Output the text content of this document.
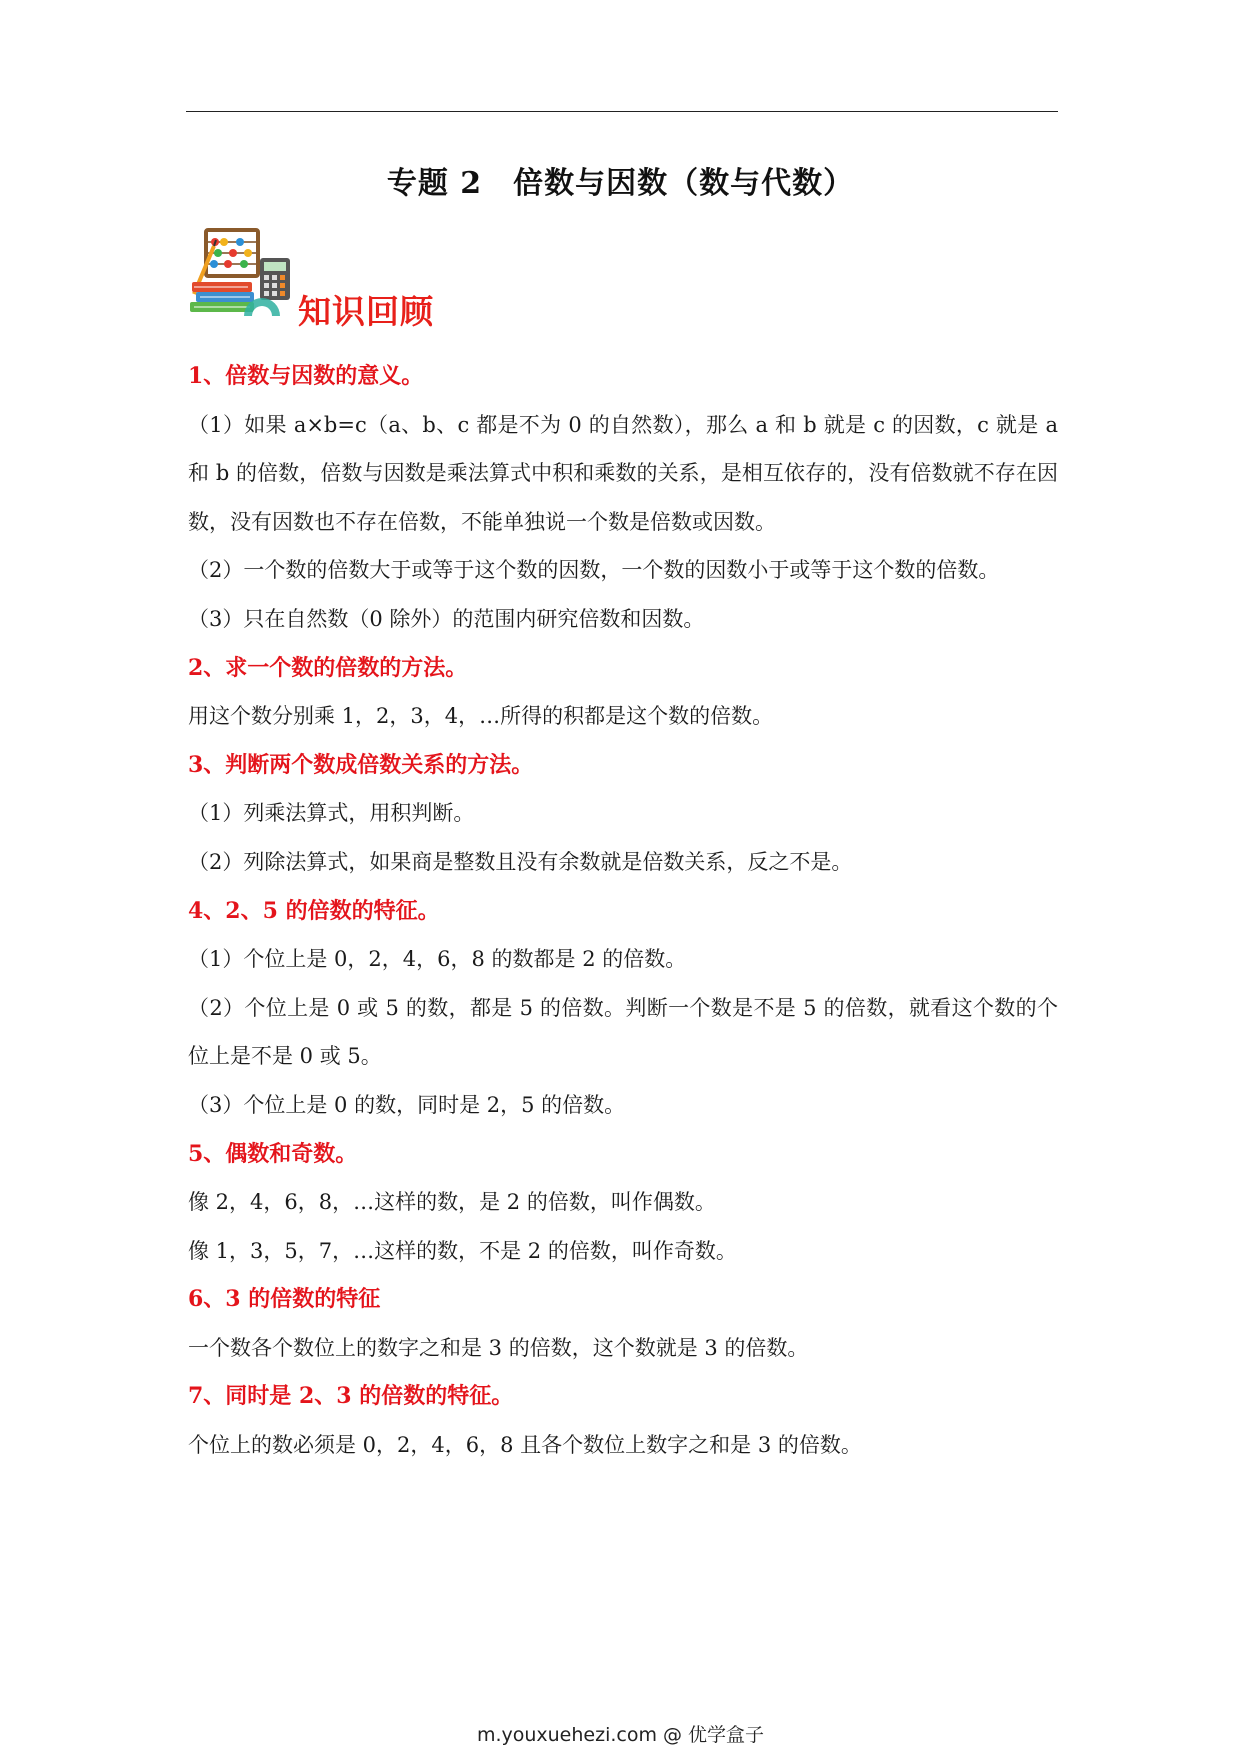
专题 2　倍数与因数（数与代数）
知识回顾
1、倍数与因数的意义。
（1）如果 a×b=c（a、b、c 都是不为 0 的自然数），那么 a 和 b 就是 c 的因数，c 就是 a 和 b 的倍数，倍数与因数是乘法算式中积和乘数的关系，是相互依存的，没有倍数就不存在因数，没有因数也不存在倍数，不能单独说一个数是倍数或因数。
（2）一个数的倍数大于或等于这个数的因数，一个数的因数小于或等于这个数的倍数。
（3）只在自然数（0 除外）的范围内研究倍数和因数。
2、求一个数的倍数的方法。
用这个数分别乘 1，2，3，4，…所得的积都是这个数的倍数。
3、判断两个数成倍数关系的方法。
（1）列乘法算式，用积判断。
（2）列除法算式，如果商是整数且没有余数就是倍数关系，反之不是。
4、2、5 的倍数的特征。
（1）个位上是 0，2，4，6，8 的数都是 2 的倍数。
（2）个位上是 0 或 5 的数，都是 5 的倍数。判断一个数是不是 5 的倍数，就看这个数的个位上是不是 0 或 5。
（3）个位上是 0 的数，同时是 2，5 的倍数。
5、偶数和奇数。
像 2，4，6，8，…这样的数，是 2 的倍数，叫作偶数。
像 1，3，5，7，…这样的数，不是 2 的倍数，叫作奇数。
6、3 的倍数的特征
一个数各个数位上的数字之和是 3 的倍数，这个数就是 3 的倍数。
7、同时是 2、3 的倍数的特征。
个位上的数必须是 0，2，4，6，8 且各个数位上数字之和是 3 的倍数。
m.youxuehezi.com @ 优学盒子
